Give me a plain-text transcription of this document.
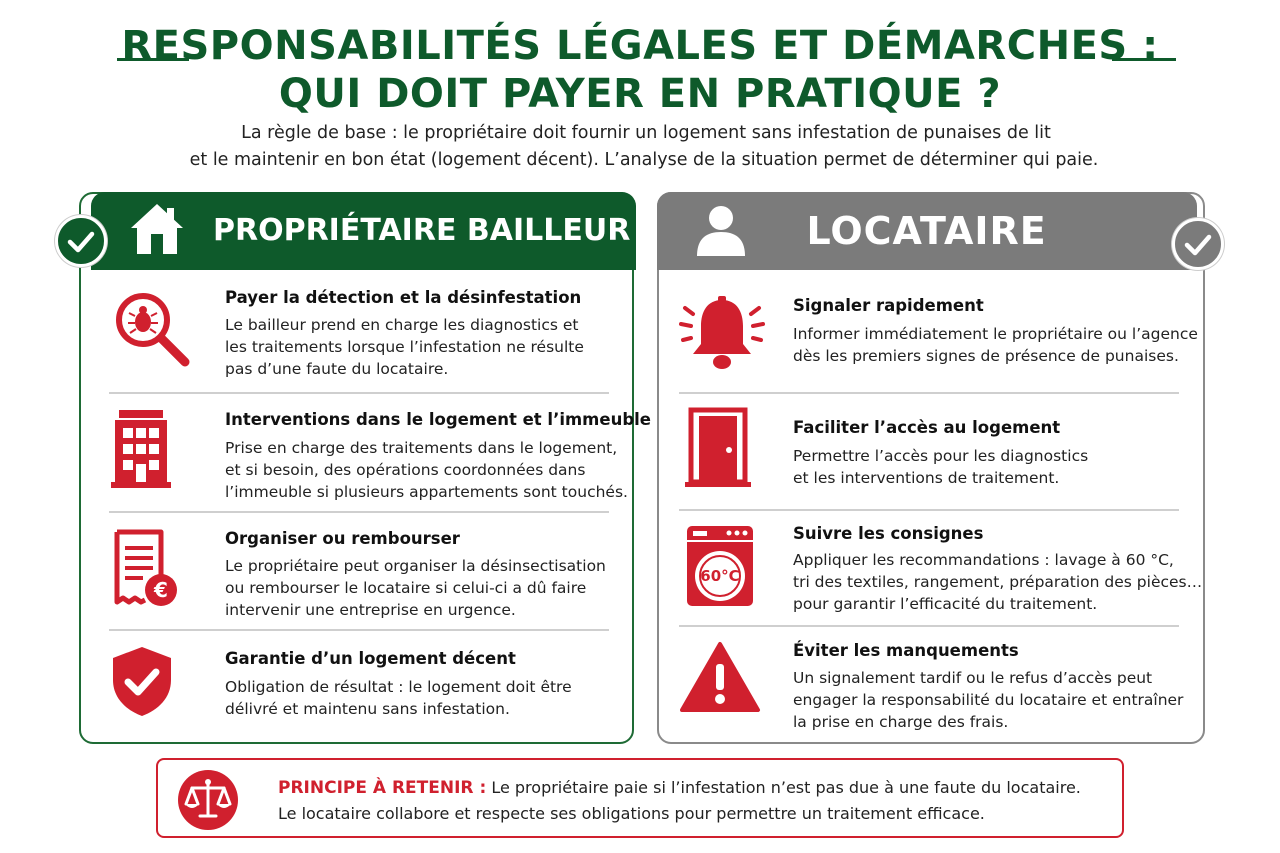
RESPONSABILITÉS LÉGALES ET DÉMARCHES :
QUI DOIT PAYER EN PRATIQUE ?
La règle de base : le propriétaire doit fournir un logement sans infestation de punaises de lit
et le maintenir en bon état (logement décent). L’analyse de la situation permet de déterminer qui paie.
PROPRIÉTAIRE BAILLEUR
Payer la détection et la désinfestation
Le bailleur prend en charge les diagnostics et
les traitements lorsque l’infestation ne résulte
pas d’une faute du locataire.
Interventions dans le logement et l’immeuble
Prise en charge des traitements dans le logement,
et si besoin, des opérations coordonnées dans
l’immeuble si plusieurs appartements sont touchés.
€
Organiser ou rembourser
Le propriétaire peut organiser la désinsectisation
ou rembourser le locataire si celui-ci a dû faire
intervenir une entreprise en urgence.
Garantie d’un logement décent
Obligation de résultat : le logement doit être
délivré et maintenu sans infestation.
LOCATAIRE
Signaler rapidement
Informer immédiatement le propriétaire ou l’agence
dès les premiers signes de présence de punaises.
Faciliter l’accès au logement
Permettre l’accès pour les diagnostics
et les interventions de traitement.
60°C
Suivre les consignes
Appliquer les recommandations : lavage à 60 °C,
tri des textiles, rangement, préparation des pièces…
pour garantir l’efficacité du traitement.
Éviter les manquements
Un signalement tardif ou le refus d’accès peut
engager la responsabilité du locataire et entraîner
la prise en charge des frais.
PRINCIPE À RETENIR : Le propriétaire paie si l’infestation n’est pas due à une faute du locataire.
Le locataire collabore et respecte ses obligations pour permettre un traitement efficace.
